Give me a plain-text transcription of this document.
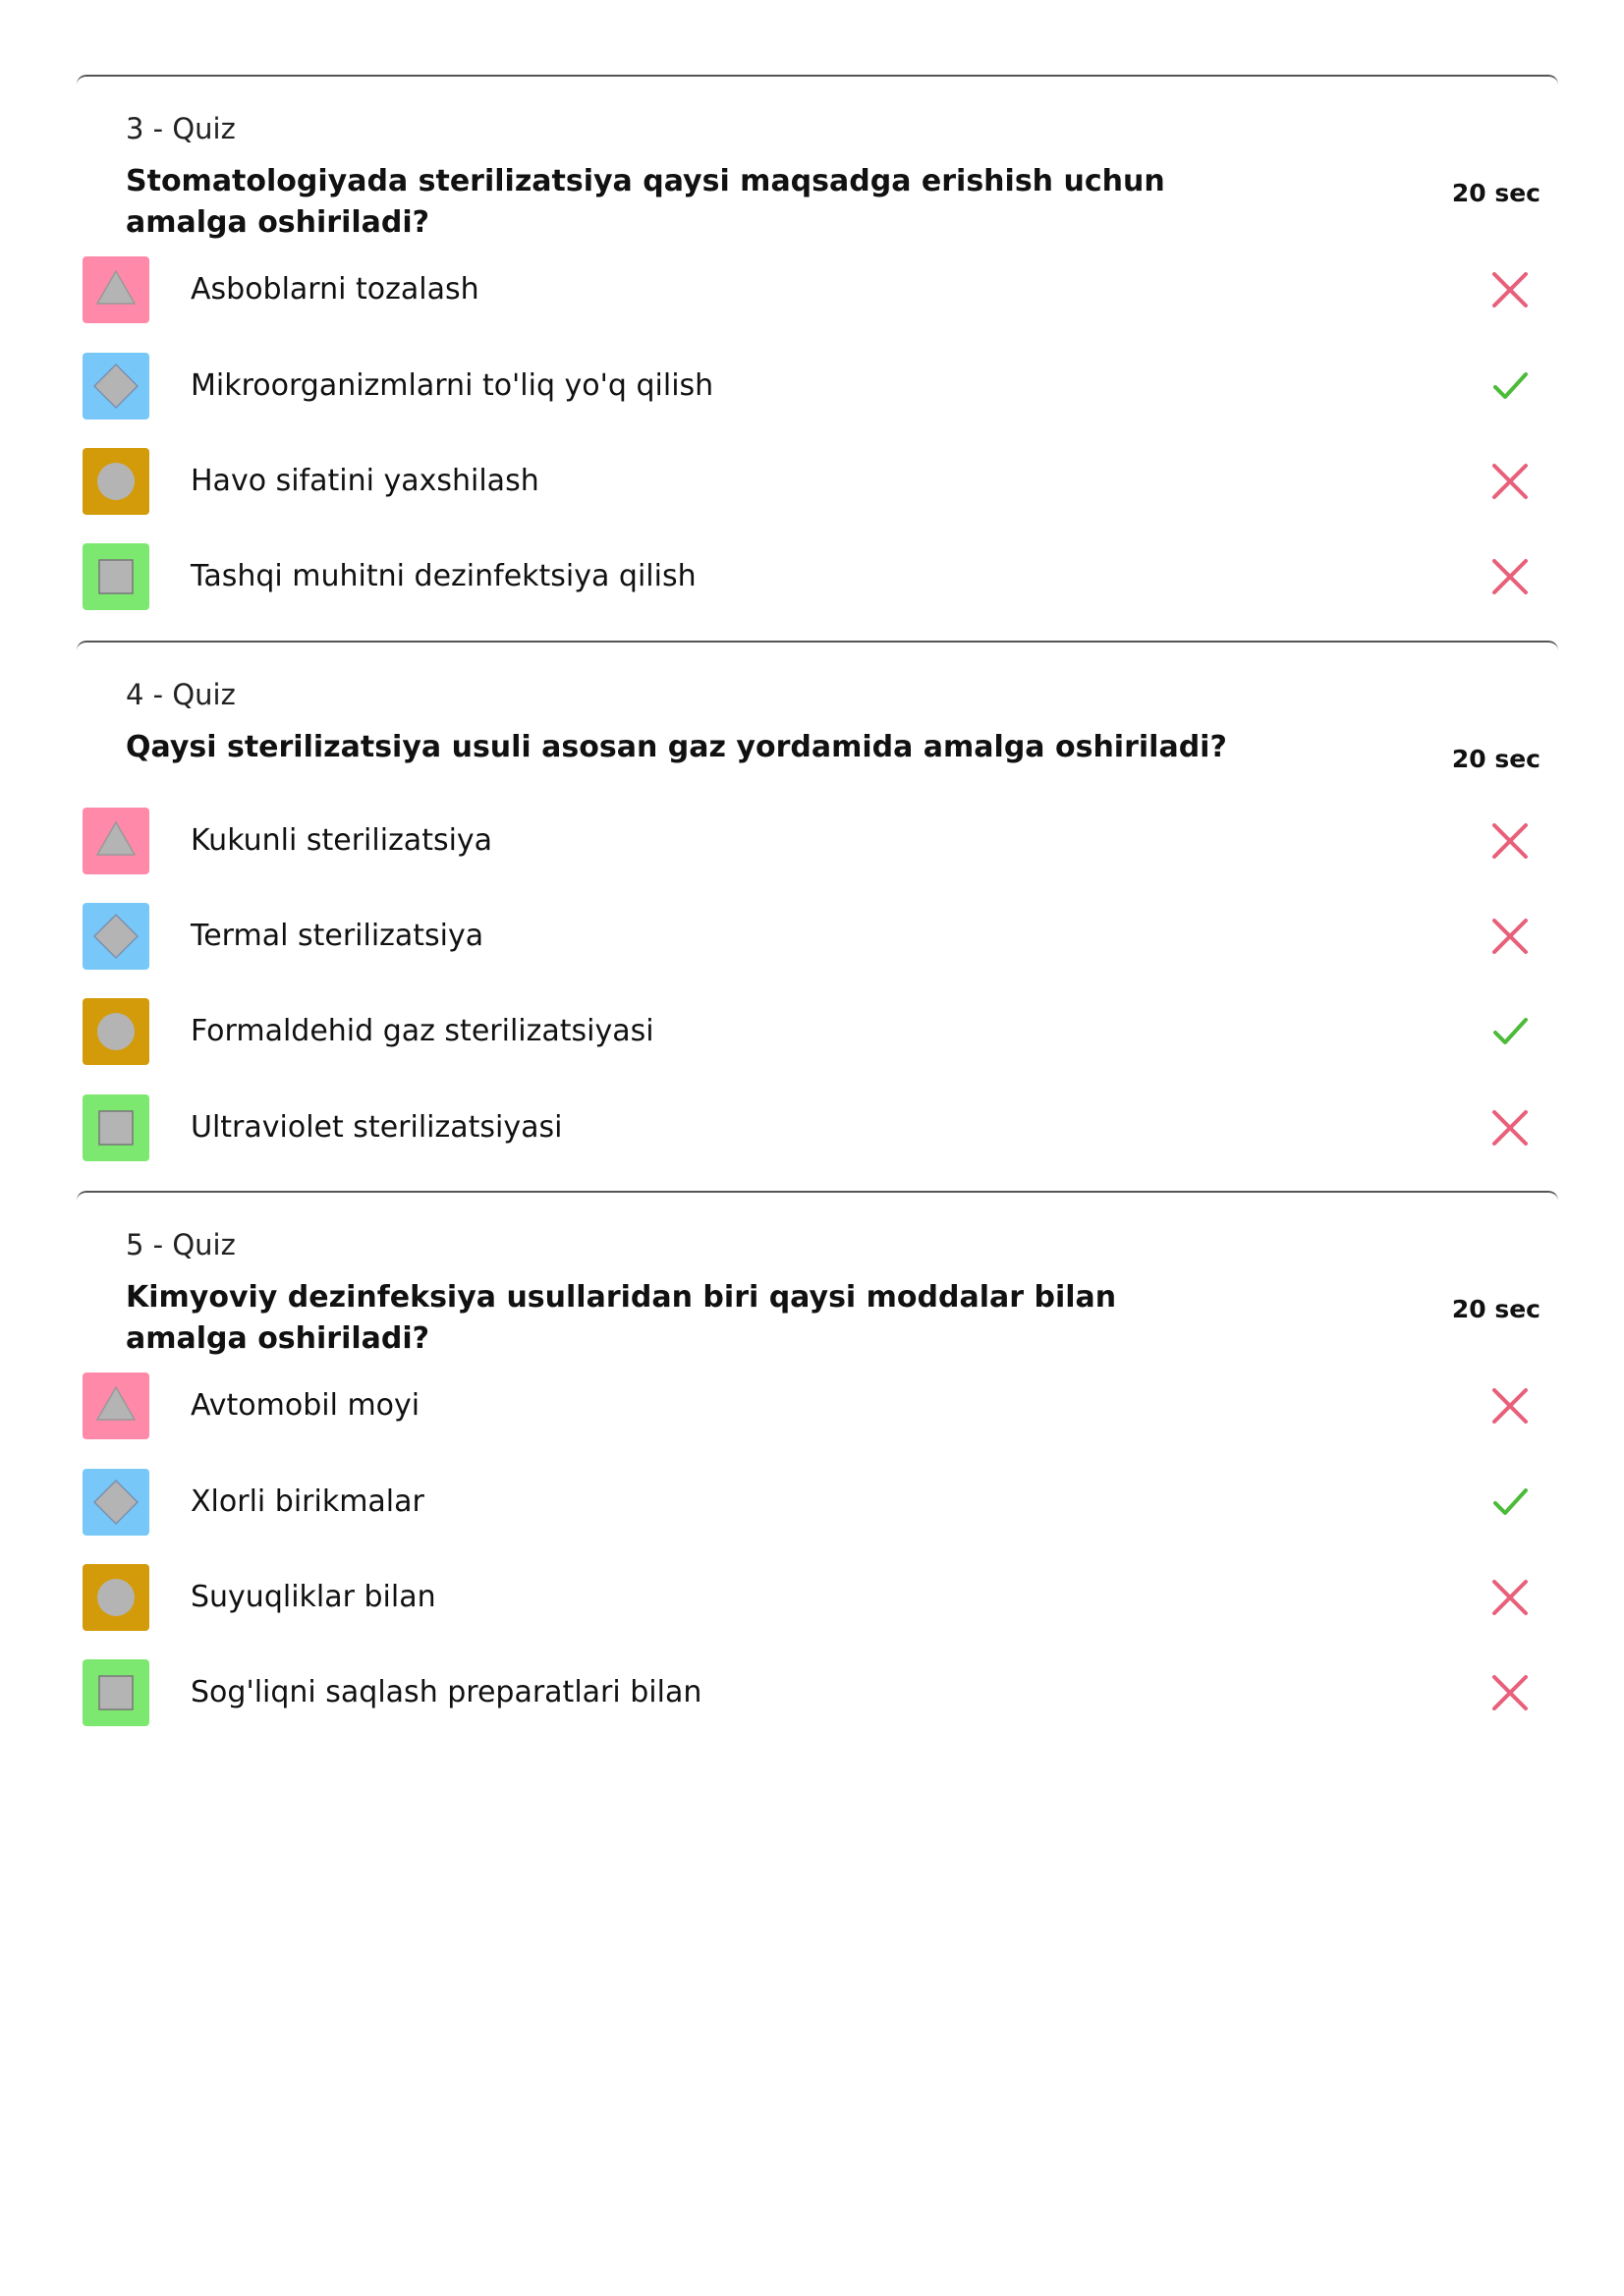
3 - Quiz
Stomatologiyada sterilizatsiya qaysi maqsadga erishish uchun amalga oshiriladi?
20 sec
Asboblarni tozalash
Mikroorganizmlarni to'liq yo'q qilish
Havo sifatini yaxshilash
Tashqi muhitni dezinfektsiya qilish
4 - Quiz
Qaysi sterilizatsiya usuli asosan gaz yordamida amalga oshiriladi?	20 sec
Kukunli sterilizatsiya
Termal sterilizatsiya
Formaldehid gaz sterilizatsiyasi
Ultraviolet sterilizatsiyasi
5 - Quiz
Kimyoviy dezinfeksiya usullaridan biri qaysi moddalar bilan amalga oshiriladi?
20 sec
Avtomobil moyi
Xlorli birikmalar
Suyuqliklar bilan
Sog'liqni saqlash preparatlari bilan
